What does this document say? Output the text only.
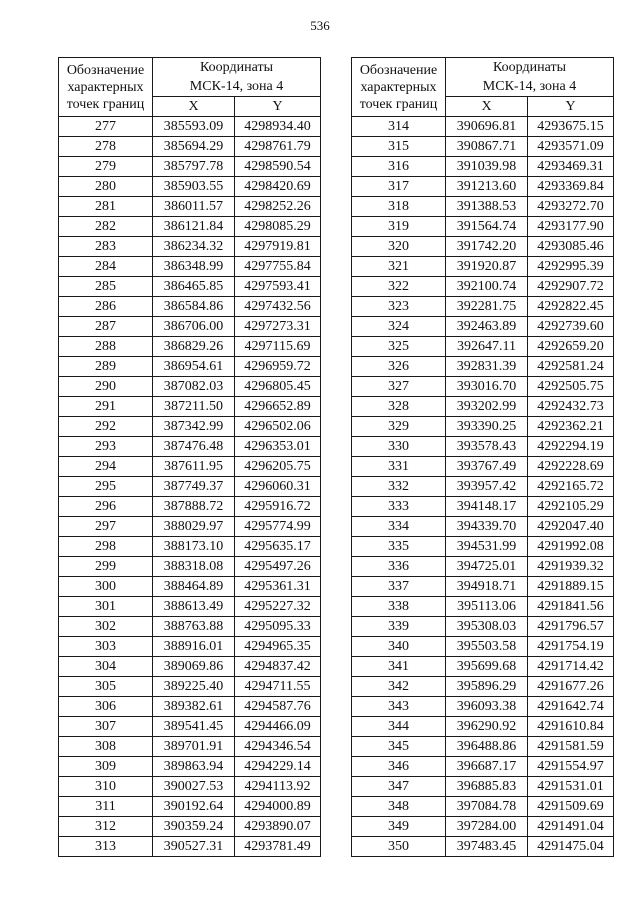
536
Обозначение
характерных
точек границ	Координаты	

	МСК-14, зона 4	

	X	Y
277	385593.09	4298934.40
278	385694.29	4298761.79
279	385797.78	4298590.54
280	385903.55	4298420.69
281	386011.57	4298252.26
282	386121.84	4298085.29
283	386234.32	4297919.81
284	386348.99	4297755.84
285	386465.85	4297593.41
286	386584.86	4297432.56
287	386706.00	4297273.31
288	386829.26	4297115.69
289	386954.61	4296959.72
290	387082.03	4296805.45
291	387211.50	4296652.89
292	387342.99	4296502.06
293	387476.48	4296353.01
294	387611.95	4296205.75
295	387749.37	4296060.31
296	387888.72	4295916.72
297	388029.97	4295774.99
298	388173.10	4295635.17
299	388318.08	4295497.26
300	388464.89	4295361.31
301	388613.49	4295227.32
302	388763.88	4295095.33
303	388916.01	4294965.35
304	389069.86	4294837.42
305	389225.40	4294711.55
306	389382.61	4294587.76
307	389541.45	4294466.09
308	389701.91	4294346.54
309	389863.94	4294229.14
310	390027.53	4294113.92
311	390192.64	4294000.89
312	390359.24	4293890.07
313	390527.31	4293781.49
Обозначение
характерных
точек границ	Координаты	

	МСК-14, зона 4	

	X	Y
314	390696.81	4293675.15
315	390867.71	4293571.09
316	391039.98	4293469.31
317	391213.60	4293369.84
318	391388.53	4293272.70
319	391564.74	4293177.90
320	391742.20	4293085.46
321	391920.87	4292995.39
322	392100.74	4292907.72
323	392281.75	4292822.45
324	392463.89	4292739.60
325	392647.11	4292659.20
326	392831.39	4292581.24
327	393016.70	4292505.75
328	393202.99	4292432.73
329	393390.25	4292362.21
330	393578.43	4292294.19
331	393767.49	4292228.69
332	393957.42	4292165.72
333	394148.17	4292105.29
334	394339.70	4292047.40
335	394531.99	4291992.08
336	394725.01	4291939.32
337	394918.71	4291889.15
338	395113.06	4291841.56
339	395308.03	4291796.57
340	395503.58	4291754.19
341	395699.68	4291714.42
342	395896.29	4291677.26
343	396093.38	4291642.74
344	396290.92	4291610.84
345	396488.86	4291581.59
346	396687.17	4291554.97
347	396885.83	4291531.01
348	397084.78	4291509.69
349	397284.00	4291491.04
350	397483.45	4291475.04
